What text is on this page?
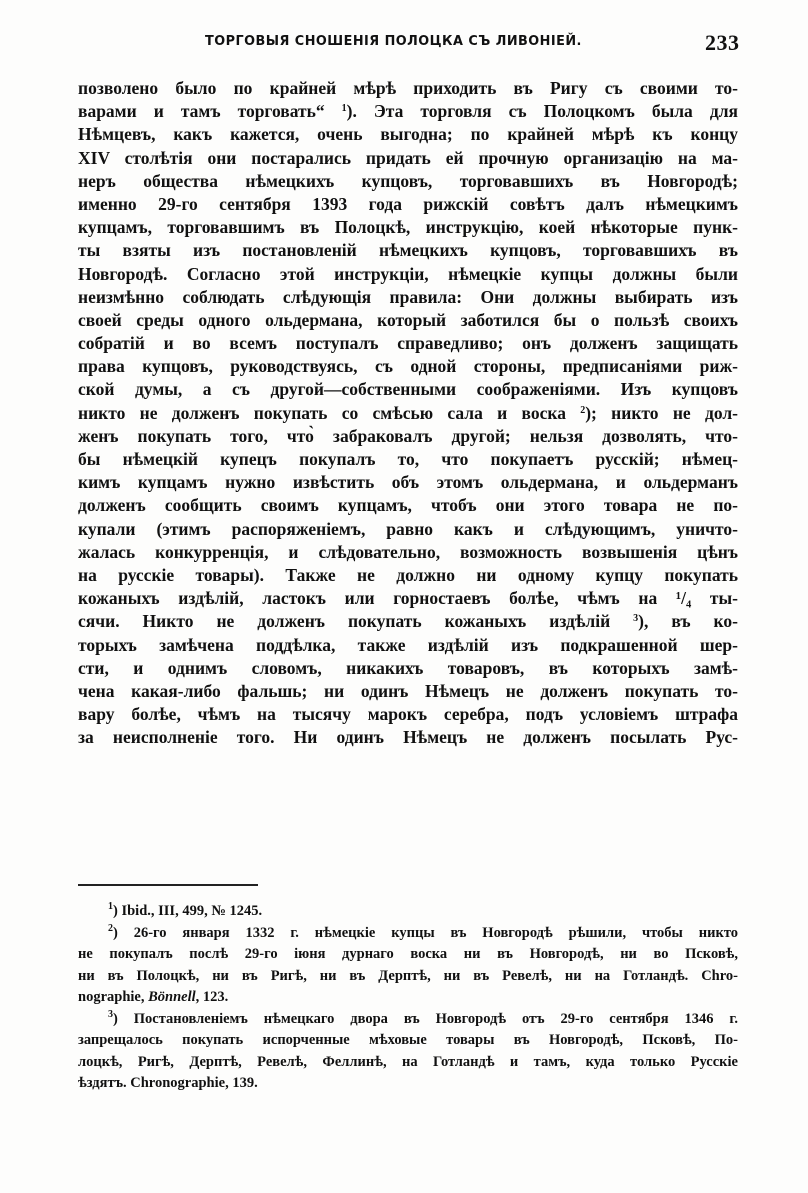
ТОРГОВЫЯ СНОШЕНІЯ ПОЛОЦКА СЪ ЛИВОНІЕЙ.	233
позволено было по крайней мѣрѣ приходить въ Ригу съ своими то-
варами и тамъ торговать“ $^1$). Эта торговля съ Полоцкомъ была для
Нѣмцевъ, какъ кажется, очень выгодна; по крайней мѣрѣ къ концу
XIV столѣтія они постарались придать ей прочную организацію на ма-
неръ общества нѣмецкихъ купцовъ, торговавшихъ въ Новгородѣ;
именно 29-го сентября 1393 года рижскій совѣтъ далъ нѣмецкимъ
купцамъ, торговавшимъ въ Полоцкѣ, инструкцію, коей нѣкоторые пунк-
ты взяты изъ постановленій нѣмецкихъ купцовъ, торговавшихъ въ
Новгородѣ. Согласно этой инструкціи, нѣмецкіе купцы должны были
неизмѣнно соблюдать слѣдующія правила: Они должны выбирать изъ
своей среды одного ольдермана, который заботился бы о пользѣ своихъ
собратій и во всемъ поступалъ справедливо; онъ долженъ защищать
права купцовъ, руководствуясь, съ одной стороны, предписаніями риж-
ской думы, а съ другой—собственными соображеніями. Изъ купцовъ
никто не долженъ покупать со смѣсью сала и воска $^2$); никто не дол-
женъ покупать того, что̀ забраковалъ другой; нельзя дозволять, что-
бы нѣмецкій купецъ покупалъ то, что покупаетъ русскій; нѣмец-
кимъ купцамъ нужно извѣстить объ этомъ ольдермана, и ольдерманъ
долженъ сообщить своимъ купцамъ, чтобъ они этого товара не по-
купали (этимъ распоряженіемъ, равно какъ и слѣдующимъ, уничто-
жалась конкурренція, и слѣдовательно, возможность возвышенія цѣнъ
на русскіе товары). Также не должно ни одному купцу покупать
кожаныхъ издѣлій, ластокъ или горностаевъ болѣе, чѣмъ на ¹/₄ ты-
сячи. Никто не долженъ покупать кожаныхъ издѣлій $^3$), въ ко-
торыхъ замѣчена поддѣлка, также издѣлій изъ подкрашенной шер-
сти, и однимъ словомъ, никакихъ товаровъ, въ которыхъ замѣ-
чена какая-либо фальшь; ни одинъ Нѣмецъ не долженъ покупать то-
вару болѣе, чѣмъ на тысячу марокъ серебра, подъ условіемъ штрафа
за неисполненіе того. Ни одинъ Нѣмецъ не долженъ посылать Рус-
$^1$) Ibid., III, 499, № 1245.
$^2$) 26-го января 1332 г. нѣмецкіе купцы въ Новгородѣ рѣшили, чтобы никто
не покупалъ послѣ 29-го іюня дурнаго воска ни въ Новгородѣ, ни во Псковѣ,
ни въ Полоцкѣ, ни въ Ригѣ, ни въ Дерптѣ, ни въ Ревелѣ, ни на Готландѣ. Chro-
nographie, Bönnell, 123.
$^3$) Постановленіемъ нѣмецкаго двора въ Новгородѣ отъ 29-го сентября 1346 г.
запрещалось покупать испорченные мѣховые товары въ Новгородѣ, Псковѣ, По-
лоцкѣ, Ригѣ, Дерптѣ, Ревелѣ, Феллинѣ, на Готландѣ и тамъ, куда только Русскіе
ѣздятъ. Chronographie, 139.
